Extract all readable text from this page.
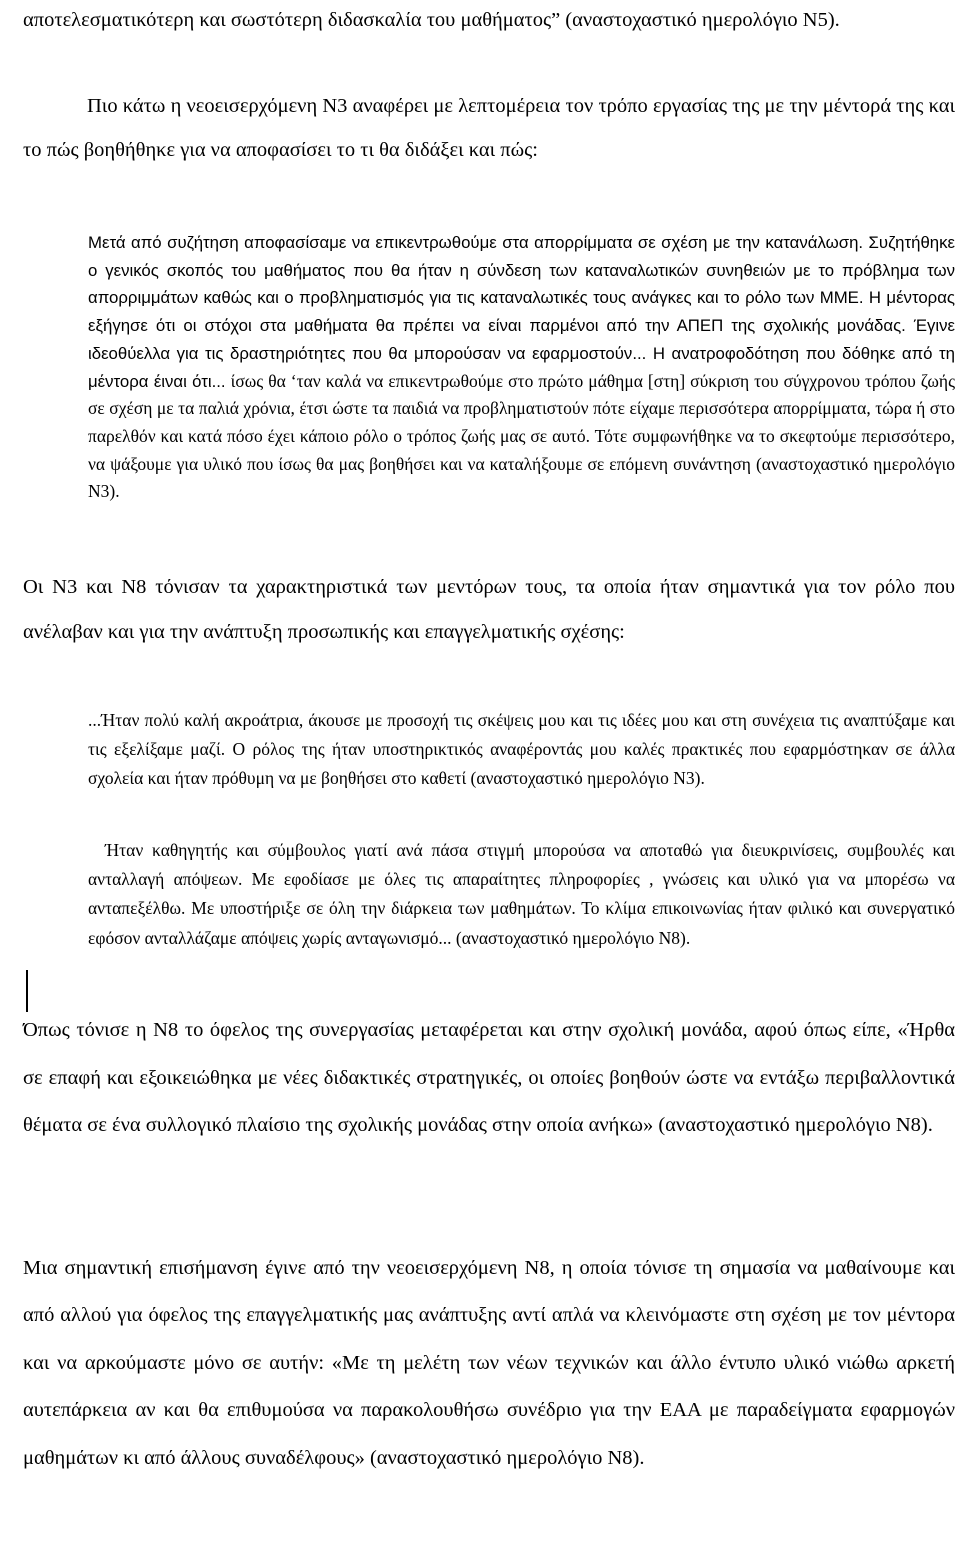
αποτελεσματικότερη και σωστότερη διδασκαλία του μαθήματος” (αναστοχαστικό ημερολόγιο Ν5).

Πιο κάτω η νεοεισερχόμενη Ν3 αναφέρει με λεπτομέρεια τον τρόπο εργασίας της με την μέντορά της και το πώς βοηθήθηκε για να αποφασίσει το τι θα διδάξει και πώς:

Μετά από συζήτηση αποφασίσαμε να επικεντρωθούμε στα απορρίμματα σε σχέση με την κατανάλωση. Συζητήθηκε ο γενικός σκοπός του μαθήματος που θα ήταν η σύνδεση των καταναλωτικών συνηθειών με το πρόβλημα των απορριμμάτων καθώς και ο προβληματισμός για τις καταναλωτικές τους ανάγκες και το ρόλο των ΜΜΕ. Η μέντορας εξήγησε ότι οι στόχοι στα μαθήματα θα πρέπει να είναι παρμένοι από την ΑΠΕΠ της σχολικής μονάδας. Έγινε ιδεοθύελλα για τις δραστηριότητες που θα μπορούσαν να εφαρμοστούν... Η ανατροφοδότηση που δόθηκε από τη μέντορα έιναι ότι... ίσως θα ‘ταν καλά να επικεντρωθούμε στο πρώτο μάθημα [στη] σύκριση του σύγχρονου τρόπου ζωής σε σχέση με τα παλιά χρόνια, έτσι ώστε τα παιδιά να προβληματιστούν πότε είχαμε περισσότερα απορρίμματα, τώρα ή στο παρελθόν και κατά πόσο έχει κάποιο ρόλο ο τρόπος ζωής μας σε αυτό. Τότε συμφωνήθηκε να το σκεφτούμε περισσότερο, να ψάξουμε για υλικό που ίσως θα μας βοηθήσει και να καταλήξουμε σε επόμενη συνάντηση (αναστοχαστικό ημερολόγιο Ν3).

Οι Ν3 και Ν8 τόνισαν τα χαρακτηριστικά των μεντόρων τους, τα οποία ήταν σημαντικά για τον ρόλο που ανέλαβαν και για την ανάπτυξη προσωπικής και επαγγελματικής σχέσης:

...Ήταν πολύ καλή ακροάτρια, άκουσε με προσοχή τις σκέψεις μου και τις ιδέες μου και στη συνέχεια τις αναπτύξαμε και τις εξελίξαμε μαζί. Ο ρόλος της ήταν υποστηρικτικός αναφέροντάς μου καλές πρακτικές που εφαρμόστηκαν σε άλλα σχολεία και ήταν πρόθυμη να με βοηθήσει στο καθετί (αναστοχαστικό ημερολόγιο Ν3).

Ήταν καθηγητής και σύμβουλος γιατί ανά πάσα στιγμή μπορούσα να αποταθώ για διευκρινίσεις, συμβουλές και ανταλλαγή απόψεων. Με εφοδίασε με όλες τις απαραίτητες πληροφορίες , γνώσεις και υλικό για να μπορέσω να ανταπεξέλθω. Με υποστήριξε σε όλη την διάρκεια των μαθημάτων. Το κλίμα επικοινωνίας ήταν φιλικό και συνεργατικό εφόσον ανταλλάζαμε απόψεις χωρίς ανταγωνισμό... (αναστοχαστικό ημερολόγιο Ν8).

Όπως τόνισε η Ν8 το όφελος της συνεργασίας μεταφέρεται και στην σχολική μονάδα, αφού όπως είπε, «Ήρθα σε επαφή και εξοικειώθηκα με νέες διδακτικές στρατηγικές, οι οποίες βοηθούν ώστε να εντάξω περιβαλλοντικά θέματα σε ένα συλλογικό πλαίσιο της σχολικής μονάδας στην οποία ανήκω» (αναστοχαστικό ημερολόγιο Ν8).

Μια σημαντική επισήμανση έγινε από την νεοεισερχόμενη Ν8, η οποία τόνισε τη σημασία να μαθαίνουμε και από αλλού για όφελος της επαγγελματικής μας ανάπτυξης αντί απλά να κλεινόμαστε στη σχέση με τον μέντορα και να αρκούμαστε μόνο σε αυτήν: «Με τη μελέτη των νέων τεχνικών και άλλο έντυπο υλικό νιώθω αρκετή αυτεπάρκεια αν και θα επιθυμούσα να παρακολουθήσω συνέδριο για την ΕΑΑ με παραδείγματα εφαρμογών μαθημάτων κι από άλλους συναδέλφους» (αναστοχαστικό ημερολόγιο Ν8).
